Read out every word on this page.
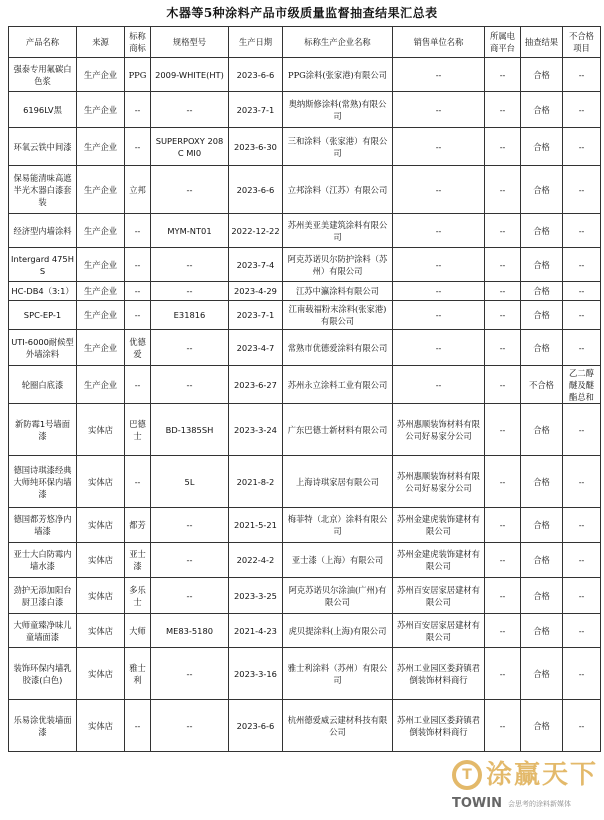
木器等5种涂料产品市级质量监督抽查结果汇总表
产品名称	来源	标称商标	规格型号	生产日期	标称生产企业名称	销售单位名称	所属电商平台	抽查结果	不合格项目
强泰专用氟碳白色浆	生产企业	PPG	2009-WHITE(HT)	2023-6-6	PPG涂料(张家港)有限公司	--	--	合格	--
6196LV黑	生产企业	--	--	2023-7-1	奥纳斯修涂料(常熟)有限公司	--	--	合格	--
环氧云铁中间漆	生产企业	--	SUPERPOXY 208C MI0	2023-6-30	三和涂料（张家港）有限公司	--	--	合格	--
保易能清味高遮半光木器白漆套装	生产企业	立邦	--	2023-6-6	立邦涂料（江苏）有限公司	--	--	合格	--
经济型内墙涂料	生产企业	--	MYM-NT01	2022-12-22	苏州美亚美建筑涂料有限公司	--	--	合格	--
Intergard 475HS	生产企业	--	--	2023-7-4	阿克苏诺贝尔防护涂料（苏州）有限公司	--	--	合格	--
HC-DB4（3:1）	生产企业	--	--	2023-4-29	江苏中瀛涂料有限公司	--	--	合格	--
SPC-EP-1	生产企业	--	E31816	2023-7-1	江南载福粉末涂料(张家港)有限公司	--	--	合格	--
UTI-6000耐候型外墙涂料	生产企业	优德爱	--	2023-4-7	常熟市优德爱涂料有限公司	--	--	合格	--
轮圈白底漆	生产企业	--	--	2023-6-27	苏州永立涂料工业有限公司	--	--	不合格	乙二醇醚及醚酯总和
新防霉1号墙面漆	实体店	巴德士	BD-1385SH	2023-3-24	广东巴德士新材料有限公司	苏州惠顺装饰材料有限公司好易家分公司	--	合格	--
德国诗琪漆经典大师纯环保内墙漆	实体店	--	5L	2021-8-2	上海诗琪家居有限公司	苏州惠顺装饰材料有限公司好易家分公司	--	合格	--
德国都芳悠净内墙漆	实体店	都芳	--	2021-5-21	梅菲特（北京）涂料有限公司	苏州金建虎装饰建材有限公司	--	合格	--
亚士大白防霉内墙水漆	实体店	亚士漆	--	2022-4-2	亚士漆（上海）有限公司	苏州金建虎装饰建材有限公司	--	合格	--
劲护无添加阳台厨卫漆白漆	实体店	多乐士	--	2023-3-25	阿克苏诺贝尔涂油(广州)有限公司	苏州百安居家居建材有限公司	--	合格	--
大师童臻净味儿童墙面漆	实体店	大师	ME83-5180	2021-4-23	虎贝提涂料(上海)有限公司	苏州百安居家居建材有限公司	--	合格	--
装饰环保内墙乳胶漆(白色)	实体店	雅士利	--	2023-3-16	雅士利涂料（苏州）有限公司	苏州工业园区娄葑镇君倒装饰材料商行	--	合格	--
乐易涂优装墙面漆	实体店	--	--	2023-6-6	杭州德爱威云建材科技有限公司	苏州工业园区娄葑镇君倒装饰材料商行	--	合格	--
T 涂赢天下
TOWIN 会思考的涂料新媒体
